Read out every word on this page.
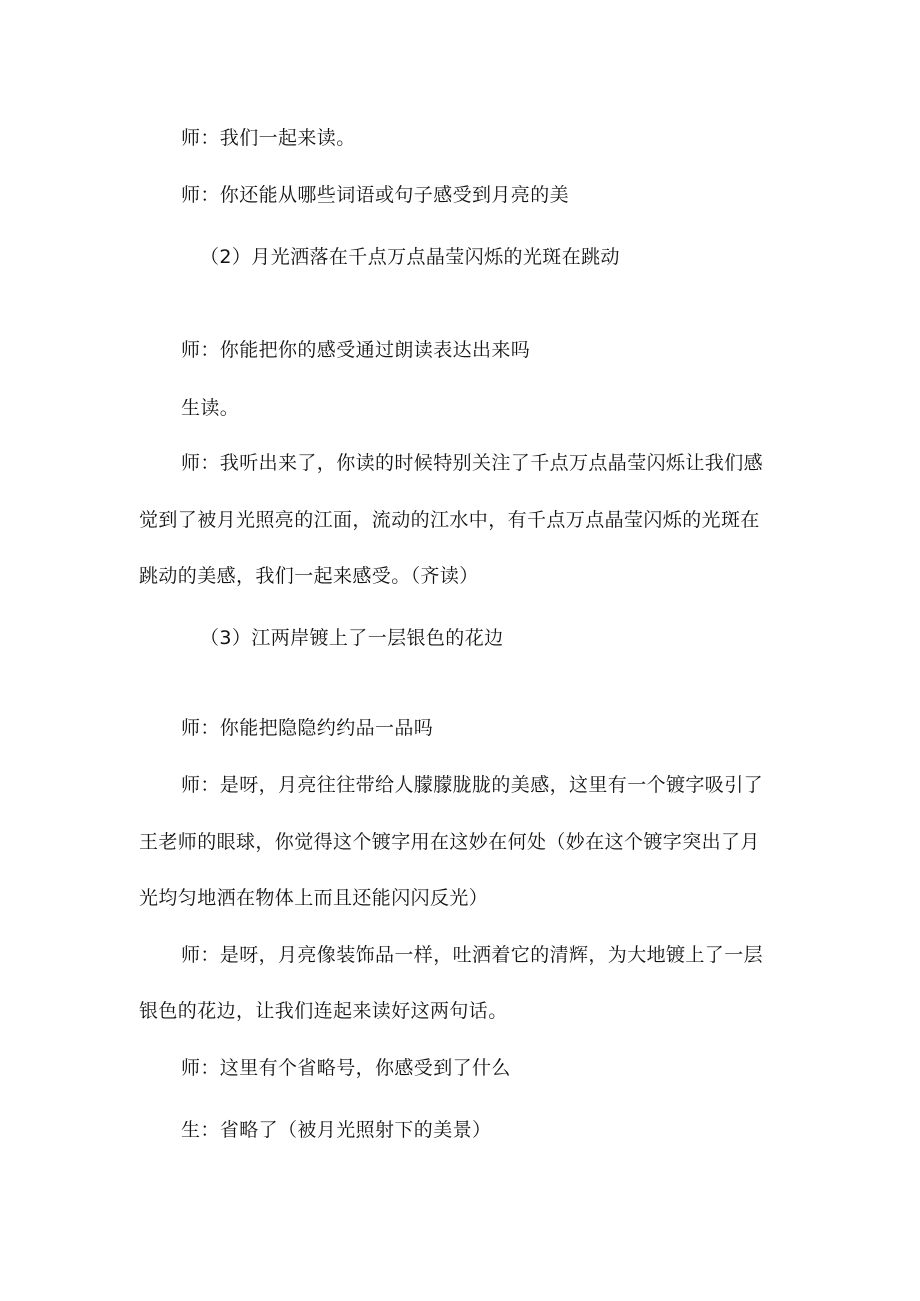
师：我们一起来读。
师：你还能从哪些词语或句子感受到月亮的美
（2）月光洒落在千点万点晶莹闪烁的光斑在跳动
师：你能把你的感受通过朗读表达出来吗
生读。
师：我听出来了，你读的时候特别关注了千点万点晶莹闪烁让我们感
觉到了被月光照亮的江面，流动的江水中，有千点万点晶莹闪烁的光斑在
跳动的美感，我们一起来感受。（齐读）
（3）江两岸镀上了一层银色的花边
师：你能把隐隐约约品一品吗
师：是呀，月亮往往带给人朦朦胧胧的美感，这里有一个镀字吸引了
王老师的眼球，你觉得这个镀字用在这妙在何处（妙在这个镀字突出了月
光均匀地洒在物体上而且还能闪闪反光）
师：是呀，月亮像装饰品一样，吐洒着它的清辉，为大地镀上了一层
银色的花边，让我们连起来读好这两句话。
师：这里有个省略号，你感受到了什么
生：省略了（被月光照射下的美景）
